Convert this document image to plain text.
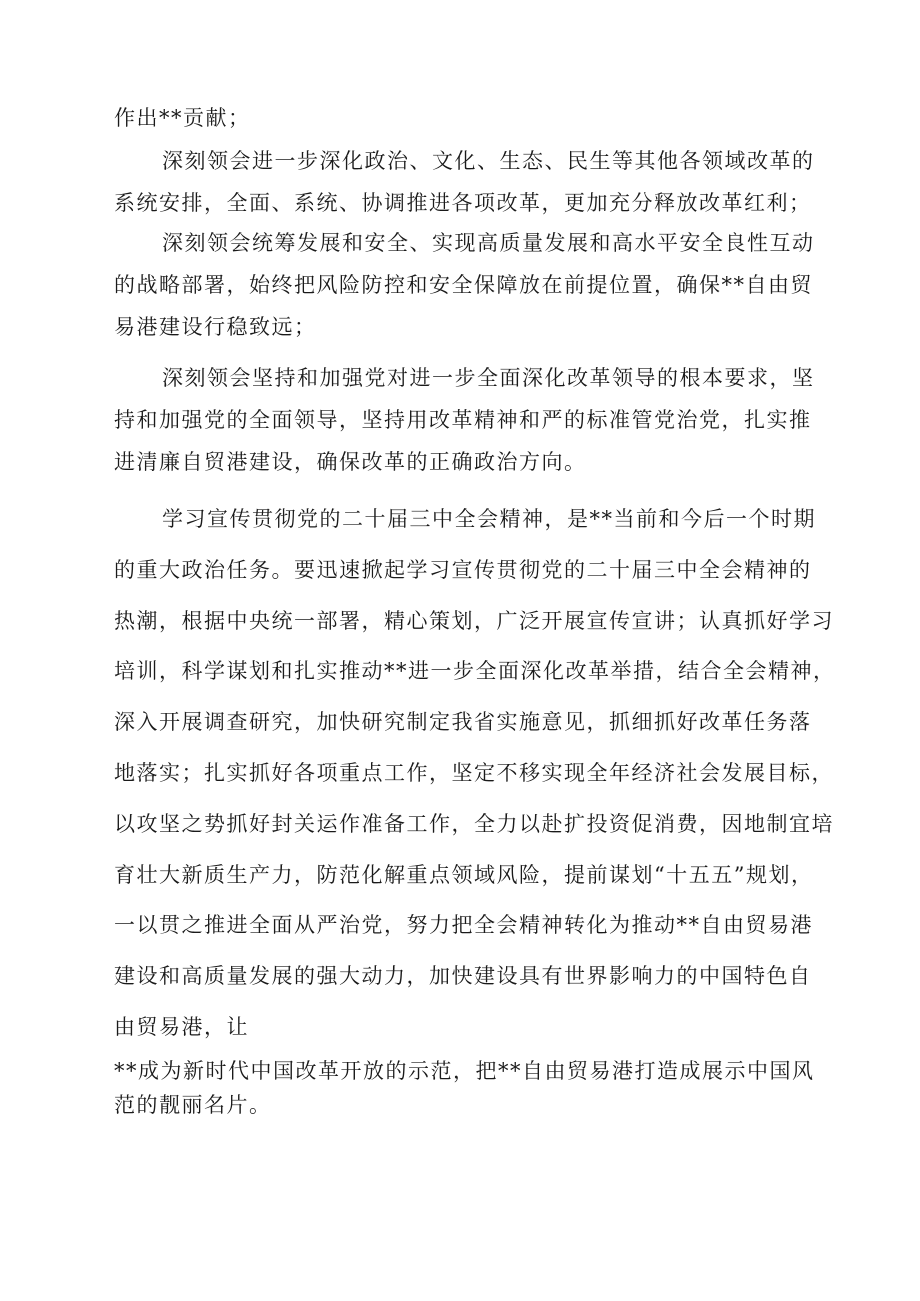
作出**贡献；

深刻领会进一步深化政治、文化、生态、民生等其他各领域改革的
系统安排，全面、系统、协调推进各项改革，更加充分释放改革红利；

深刻领会统筹发展和安全、实现高质量发展和高水平安全良性互动
的战略部署，始终把风险防控和安全保障放在前提位置，确保**自由贸
易港建设行稳致远；

深刻领会坚持和加强党对进一步全面深化改革领导的根本要求，坚
持和加强党的全面领导，坚持用改革精神和严的标准管党治党，扎实推
进清廉自贸港建设，确保改革的正确政治方向。

学习宣传贯彻党的二十届三中全会精神，是**当前和今后一个时期
的重大政治任务。要迅速掀起学习宣传贯彻党的二十届三中全会精神的
热潮，根据中央统一部署，精心策划，广泛开展宣传宣讲；认真抓好学习
培训，科学谋划和扎实推动**进一步全面深化改革举措，结合全会精神，
深入开展调查研究，加快研究制定我省实施意见，抓细抓好改革任务落
地落实；扎实抓好各项重点工作，坚定不移实现全年经济社会发展目标，
以攻坚之势抓好封关运作准备工作，全力以赴扩投资促消费，因地制宜培
育壮大新质生产力，防范化解重点领域风险，提前谋划“十五五”规划，
一以贯之推进全面从严治党，努力把全会精神转化为推动**自由贸易港
建设和高质量发展的强大动力，加快建设具有世界影响力的中国特色自
由贸易港，让

**成为新时代中国改革开放的示范，把**自由贸易港打造成展示中国风
范的靓丽名片。
